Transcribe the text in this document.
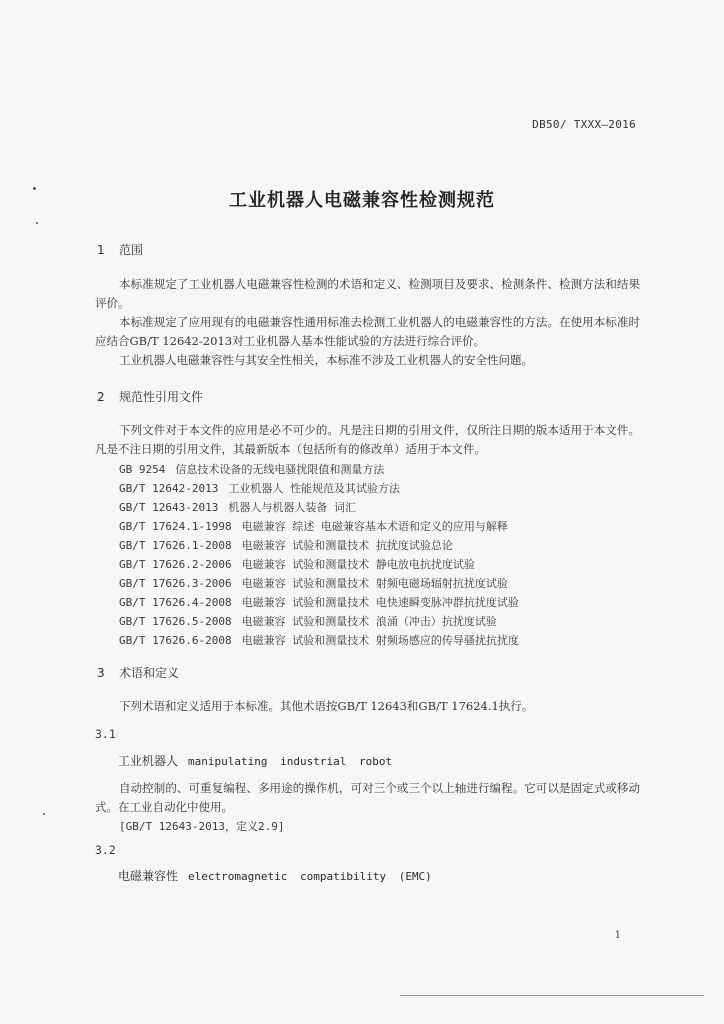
DB50/ TXXX—2016
工业机器人电磁兼容性检测规范
1 范围
本标准规定了工业机器人电磁兼容性检测的术语和定义、检测项目及要求、检测条件、检测方法和结果评价。
本标准规定了应用现有的电磁兼容性通用标准去检测工业机器人的电磁兼容性的方法。在使用本标准时应结合GB/T 12642-2013对工业机器人基本性能试验的方法进行综合评价。
工业机器人电磁兼容性与其安全性相关，本标准不涉及工业机器人的安全性问题。
2 规范性引用文件
下列文件对于本文件的应用是必不可少的。凡是注日期的引用文件，仅所注日期的版本适用于本文件。凡是不注日期的引用文件，其最新版本（包括所有的修改单）适用于本文件。
GB 9254 信息技术设备的无线电骚扰限值和测量方法
GB/T 12642-2013 工业机器人 性能规范及其试验方法
GB/T 12643-2013 机器人与机器人装备 词汇
GB/T 17624.1-1998 电磁兼容 综述 电磁兼容基本术语和定义的应用与解释
GB/T 17626.1-2008 电磁兼容 试验和测量技术 抗扰度试验总论
GB/T 17626.2-2006 电磁兼容 试验和测量技术 静电放电抗扰度试验
GB/T 17626.3-2006 电磁兼容 试验和测量技术 射频电磁场辐射抗扰度试验
GB/T 17626.4-2008 电磁兼容 试验和测量技术 电快速瞬变脉冲群抗扰度试验
GB/T 17626.5-2008 电磁兼容 试验和测量技术 浪涌（冲击）抗扰度试验
GB/T 17626.6-2008 电磁兼容 试验和测量技术 射频场感应的传导骚扰抗扰度
3 术语和定义
下列术语和定义适用于本标准。其他术语按GB/T 12643和GB/T 17624.1执行。
3.1
工业机器人 manipulating industrial robot
自动控制的、可重复编程、多用途的操作机，可对三个或三个以上轴进行编程。它可以是固定式或移动式。在工业自动化中使用。
[GB/T 12643-2013，定义2.9]
3.2
电磁兼容性 electromagnetic compatibility (EMC)
1
